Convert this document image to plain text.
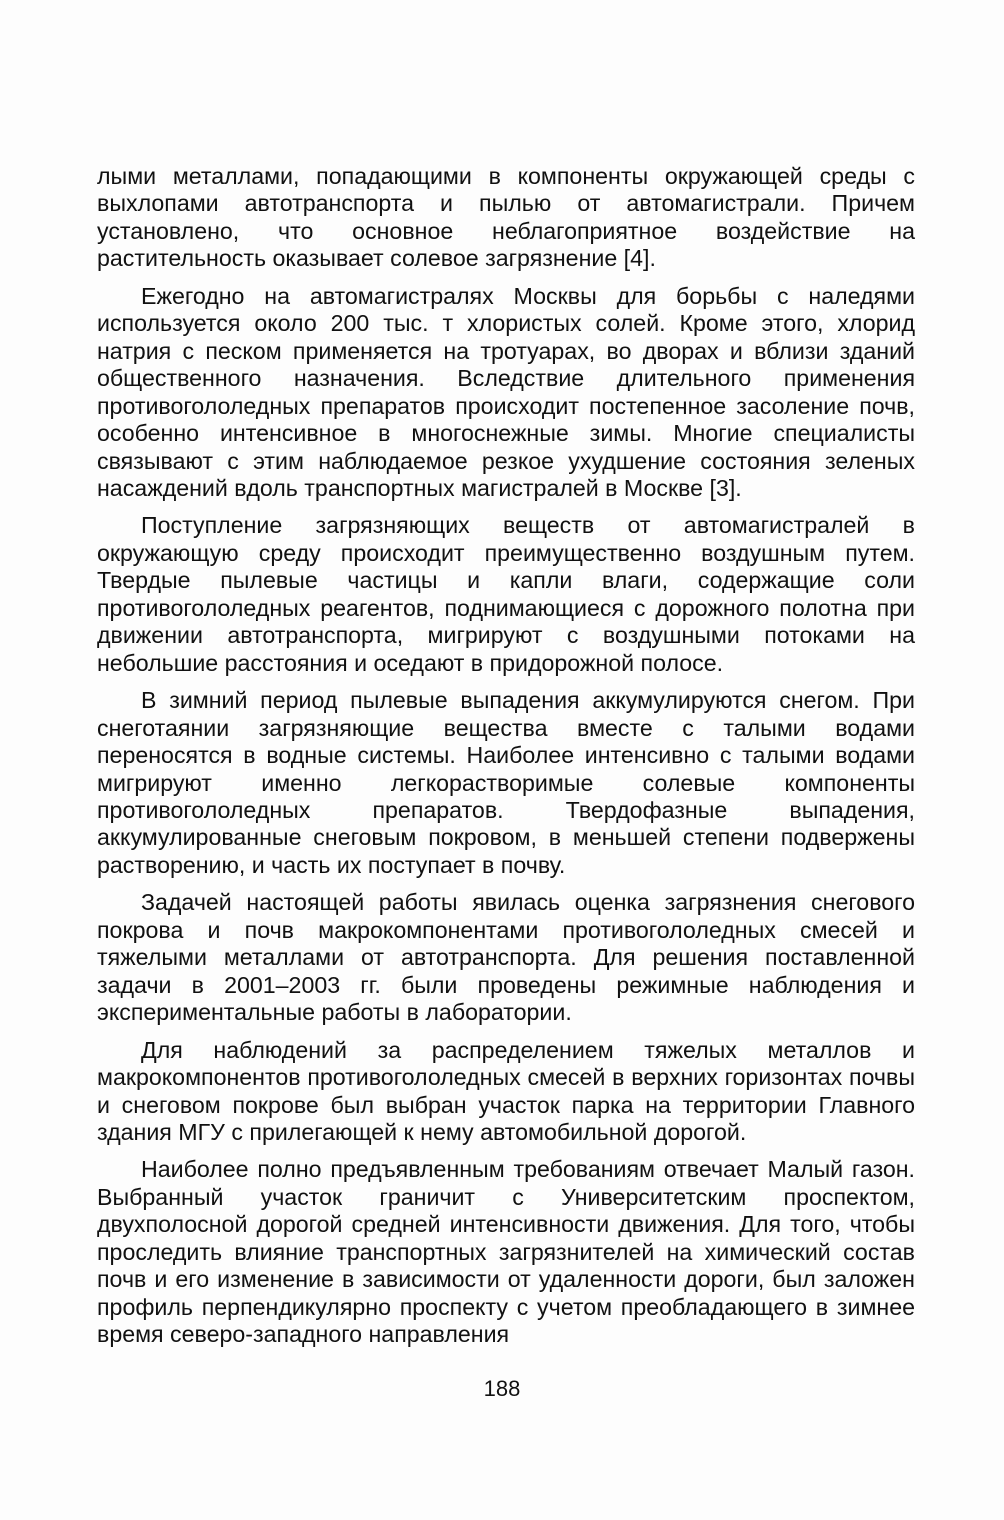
лыми металлами, попадающими в компоненты окружающей среды с выхлопами автотранспорта и пылью от автомагистрали. Причем установлено, что основное неблагоприятное воздействие на растительность оказывает солевое загрязнение [4].

Ежегодно на автомагистралях Москвы для борьбы с наледями используется около 200 тыс. т хлористых солей. Кроме этого, хлорид натрия с песком применяется на тротуарах, во дворах и вблизи зданий общественного назначения. Вследствие длительного применения противогололедных препаратов происходит постепенное засоление почв, особенно интенсивное в многоснежные зимы. Многие специалисты связывают с этим наблюдаемое резкое ухудшение состояния зеленых насаждений вдоль транспортных магистралей в Москве [3].

Поступление загрязняющих веществ от автомагистралей в окружающую среду происходит преимущественно воздушным путем. Твердые пылевые частицы и капли влаги, содержащие соли противогололедных реагентов, поднимающиеся с дорожного полотна при движении автотранспорта, мигрируют с воздушными потоками на небольшие расстояния и оседают в придорожной полосе.

В зимний период пылевые выпадения аккумулируются снегом. При снеготаянии загрязняющие вещества вместе с талыми водами переносятся в водные системы. Наиболее интенсивно с талыми водами мигрируют именно легкорастворимые солевые компоненты противогололедных препаратов. Твердофазные выпадения, аккумулированные снеговым покровом, в меньшей степени подвержены растворению, и часть их поступает в почву.

Задачей настоящей работы явилась оценка загрязнения снегового покрова и почв макрокомпонентами противогололедных смесей и тяжелыми металлами от автотранспорта. Для решения поставленной задачи в 2001–2003 гг. были проведены режимные наблюдения и экспериментальные работы в лаборатории.

Для наблюдений за распределением тяжелых металлов и макрокомпонентов противогололедных смесей в верхних горизонтах почвы и снеговом покрове был выбран участок парка на территории Главного здания МГУ с прилегающей к нему автомобильной дорогой.

Наиболее полно предъявленным требованиям отвечает Малый газон. Выбранный участок граничит с Университетским проспектом, двухполосной дорогой средней интенсивности движения. Для того, чтобы проследить влияние транспортных загрязнителей на химический состав почв и его изменение в зависимости от удаленности дороги, был заложен профиль перпендикулярно проспекту с учетом преобладающего в зимнее время северо-западного направления

188
